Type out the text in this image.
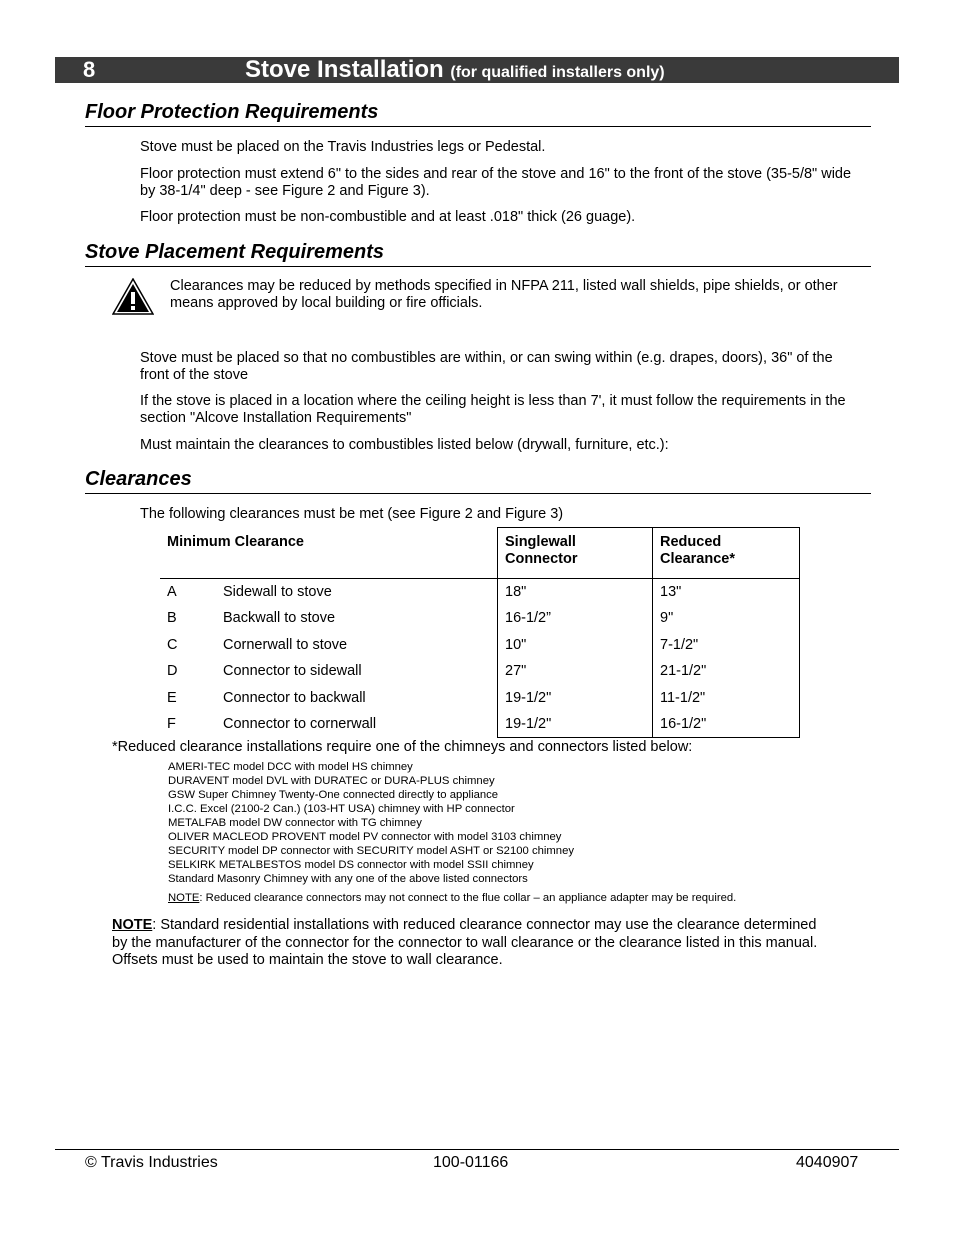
8	Stove Installation (for qualified installers only)
Floor Protection Requirements
Stove must be placed on the Travis Industries legs or Pedestal.
Floor protection must extend 6" to the sides and rear of the stove and 16" to the front of the stove (35-5/8" wide by 38-1/4" deep - see Figure 2 and Figure 3).
Floor protection must be non-combustible and at least .018" thick (26 guage).
Stove Placement Requirements
Clearances may be reduced by methods specified in NFPA 211, listed wall shields, pipe shields, or other means approved by local building or fire officials.
Stove must be placed so that no combustibles are within, or can swing within (e.g. drapes, doors), 36" of the front of the stove
If the stove is placed in a location where the ceiling height is less than 7', it must follow the requirements in the section "Alcove Installation Requirements"
Must maintain the clearances to combustibles listed below (drywall, furniture, etc.):
Clearances
The following clearances must be met (see Figure 2 and Figure 3)
Minimum Clearance		Singlewall Connector	Reduced Clearance*
A	Sidewall to stove	18"	13"
B	Backwall to stove	16-1/2”	9"
C	Cornerwall to stove	10"	7-1/2"
D	Connector to sidewall	27"	21-1/2"
E	Connector to backwall	19-1/2"	11-1/2"
F	Connector to cornerwall	19-1/2"	16-1/2"
*Reduced clearance installations require one of the chimneys and connectors listed below:
AMERI-TEC model DCC with model HS chimney
DURAVENT model DVL with DURATEC or DURA-PLUS chimney
GSW Super Chimney Twenty-One connected directly to appliance
I.C.C. Excel (2100-2 Can.) (103-HT USA) chimney with HP connector
METALFAB model DW connector with TG chimney
OLIVER MACLEOD PROVENT model PV connector with model 3103 chimney
SECURITY model DP connector with SECURITY model ASHT or S2100 chimney
SELKIRK METALBESTOS model DS connector with model SSII chimney
Standard Masonry Chimney with any one of the above listed connectors
NOTE: Reduced clearance connectors may not connect to the flue collar – an appliance adapter may be required.
NOTE: Standard residential installations with reduced clearance connector may use the clearance determined by the manufacturer of the connector for the connector to wall clearance or the clearance listed in this manual. Offsets must be used to maintain the stove to wall clearance.
© Travis Industries	100-01166	4040907
